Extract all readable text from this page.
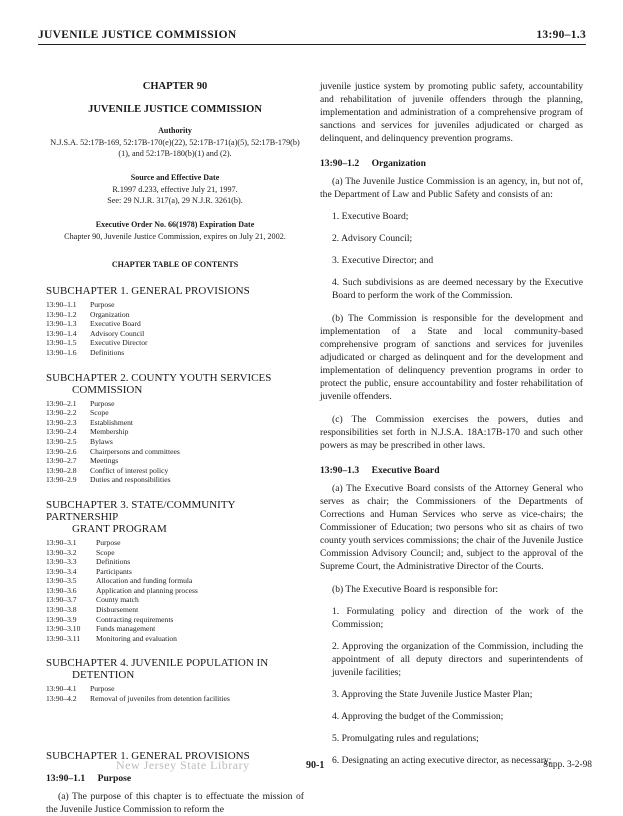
JUVENILE JUSTICE COMMISSION	13:90–1.3
CHAPTER 90
JUVENILE JUSTICE COMMISSION
Authority
N.J.S.A. 52:17B-169, 52:17B-170(e)(22), 52:17B-171(a)(5), 52:17B-179(b)(1), and 52:17B-180(b)(1) and (2).
Source and Effective Date
R.1997 d.233, effective July 21, 1997.
See: 29 N.J.R. 317(a), 29 N.J.R. 3261(b).
Executive Order No. 66(1978) Expiration Date
Chapter 90, Juvenile Justice Commission, expires on July 21, 2002.
CHAPTER TABLE OF CONTENTS
SUBCHAPTER 1. GENERAL PROVISIONS
13:90–1.1	Purpose
13:90–1.2	Organization
13:90–1.3	Executive Board
13:90–1.4	Advisory Council
13:90–1.5	Executive Director
13:90–1.6	Definitions
SUBCHAPTER 2. COUNTY YOUTH SERVICES
COMMISSION
13:90–2.1	Purpose
13:90–2.2	Scope
13:90–2.3	Establishment
13:90–2.4	Membership
13:90–2.5	Bylaws
13:90–2.6	Chairpersons and committees
13:90–2.7	Meetings
13:90–2.8	Conflict of interest policy
13:90–2.9	Duties and responsibilities
SUBCHAPTER 3. STATE/COMMUNITY PARTNERSHIP
GRANT PROGRAM
13:90–3.1	Purpose
13:90–3.2	Scope
13:90–3.3	Definitions
13:90–3.4	Participants
13:90–3.5	Allocation and funding formula
13:90–3.6	Application and planning process
13:90–3.7	County match
13:90–3.8	Disbursement
13:90–3.9	Contracting requirements
13:90–3.10	Funds management
13:90–3.11	Monitoring and evaluation
SUBCHAPTER 4. JUVENILE POPULATION IN
DETENTION
13:90–4.1	Purpose
13:90–4.2	Removal of juveniles from detention facilities
SUBCHAPTER 1. GENERAL PROVISIONS
13:90–1.1 Purpose

(a) The purpose of this chapter is to effectuate the mission of the Juvenile Justice Commission to reform the

juvenile justice system by promoting public safety, accountability and rehabilitation of juvenile offenders through the planning, implementation and administration of a comprehensive program of sanctions and services for juveniles adjudicated or charged as delinquent, and delinquency prevention programs.

13:90–1.2 Organization

(a) The Juvenile Justice Commission is an agency, in, but not of, the Department of Law and Public Safety and consists of an:

1. Executive Board;

2. Advisory Council;

3. Executive Director; and

4. Such subdivisions as are deemed necessary by the Executive Board to perform the work of the Commission.

(b) The Commission is responsible for the development and implementation of a State and local community-based comprehensive program of sanctions and services for juveniles adjudicated or charged as delinquent and for the development and implementation of delinquency prevention programs in order to protect the public, ensure accountability and foster rehabilitation of juvenile offenders.

(c) The Commission exercises the powers, duties and responsibilities set forth in N.J.S.A. 18A:17B-170 and such other powers as may be prescribed in other laws.

13:90–1.3 Executive Board

(a) The Executive Board consists of the Attorney General who serves as chair; the Commissioners of the Departments of Corrections and Human Services who serve as vice-chairs; the Commissioner of Education; two persons who sit as chairs of two county youth services commissions; the chair of the Juvenile Justice Commission Advisory Council; and, subject to the approval of the Supreme Court, the Administrative Director of the Courts.

(b) The Executive Board is responsible for:

1. Formulating policy and direction of the work of the Commission;

2. Approving the organization of the Commission, including the appointment of all deputy directors and superintendents of juvenile facilities;

3. Approving the State Juvenile Justice Master Plan;

4. Approving the budget of the Commission;

5. Promulgating rules and regulations;

6. Designating an acting executive director, as necessary;

New Jersey State Library	90-1	Supp. 3-2-98
